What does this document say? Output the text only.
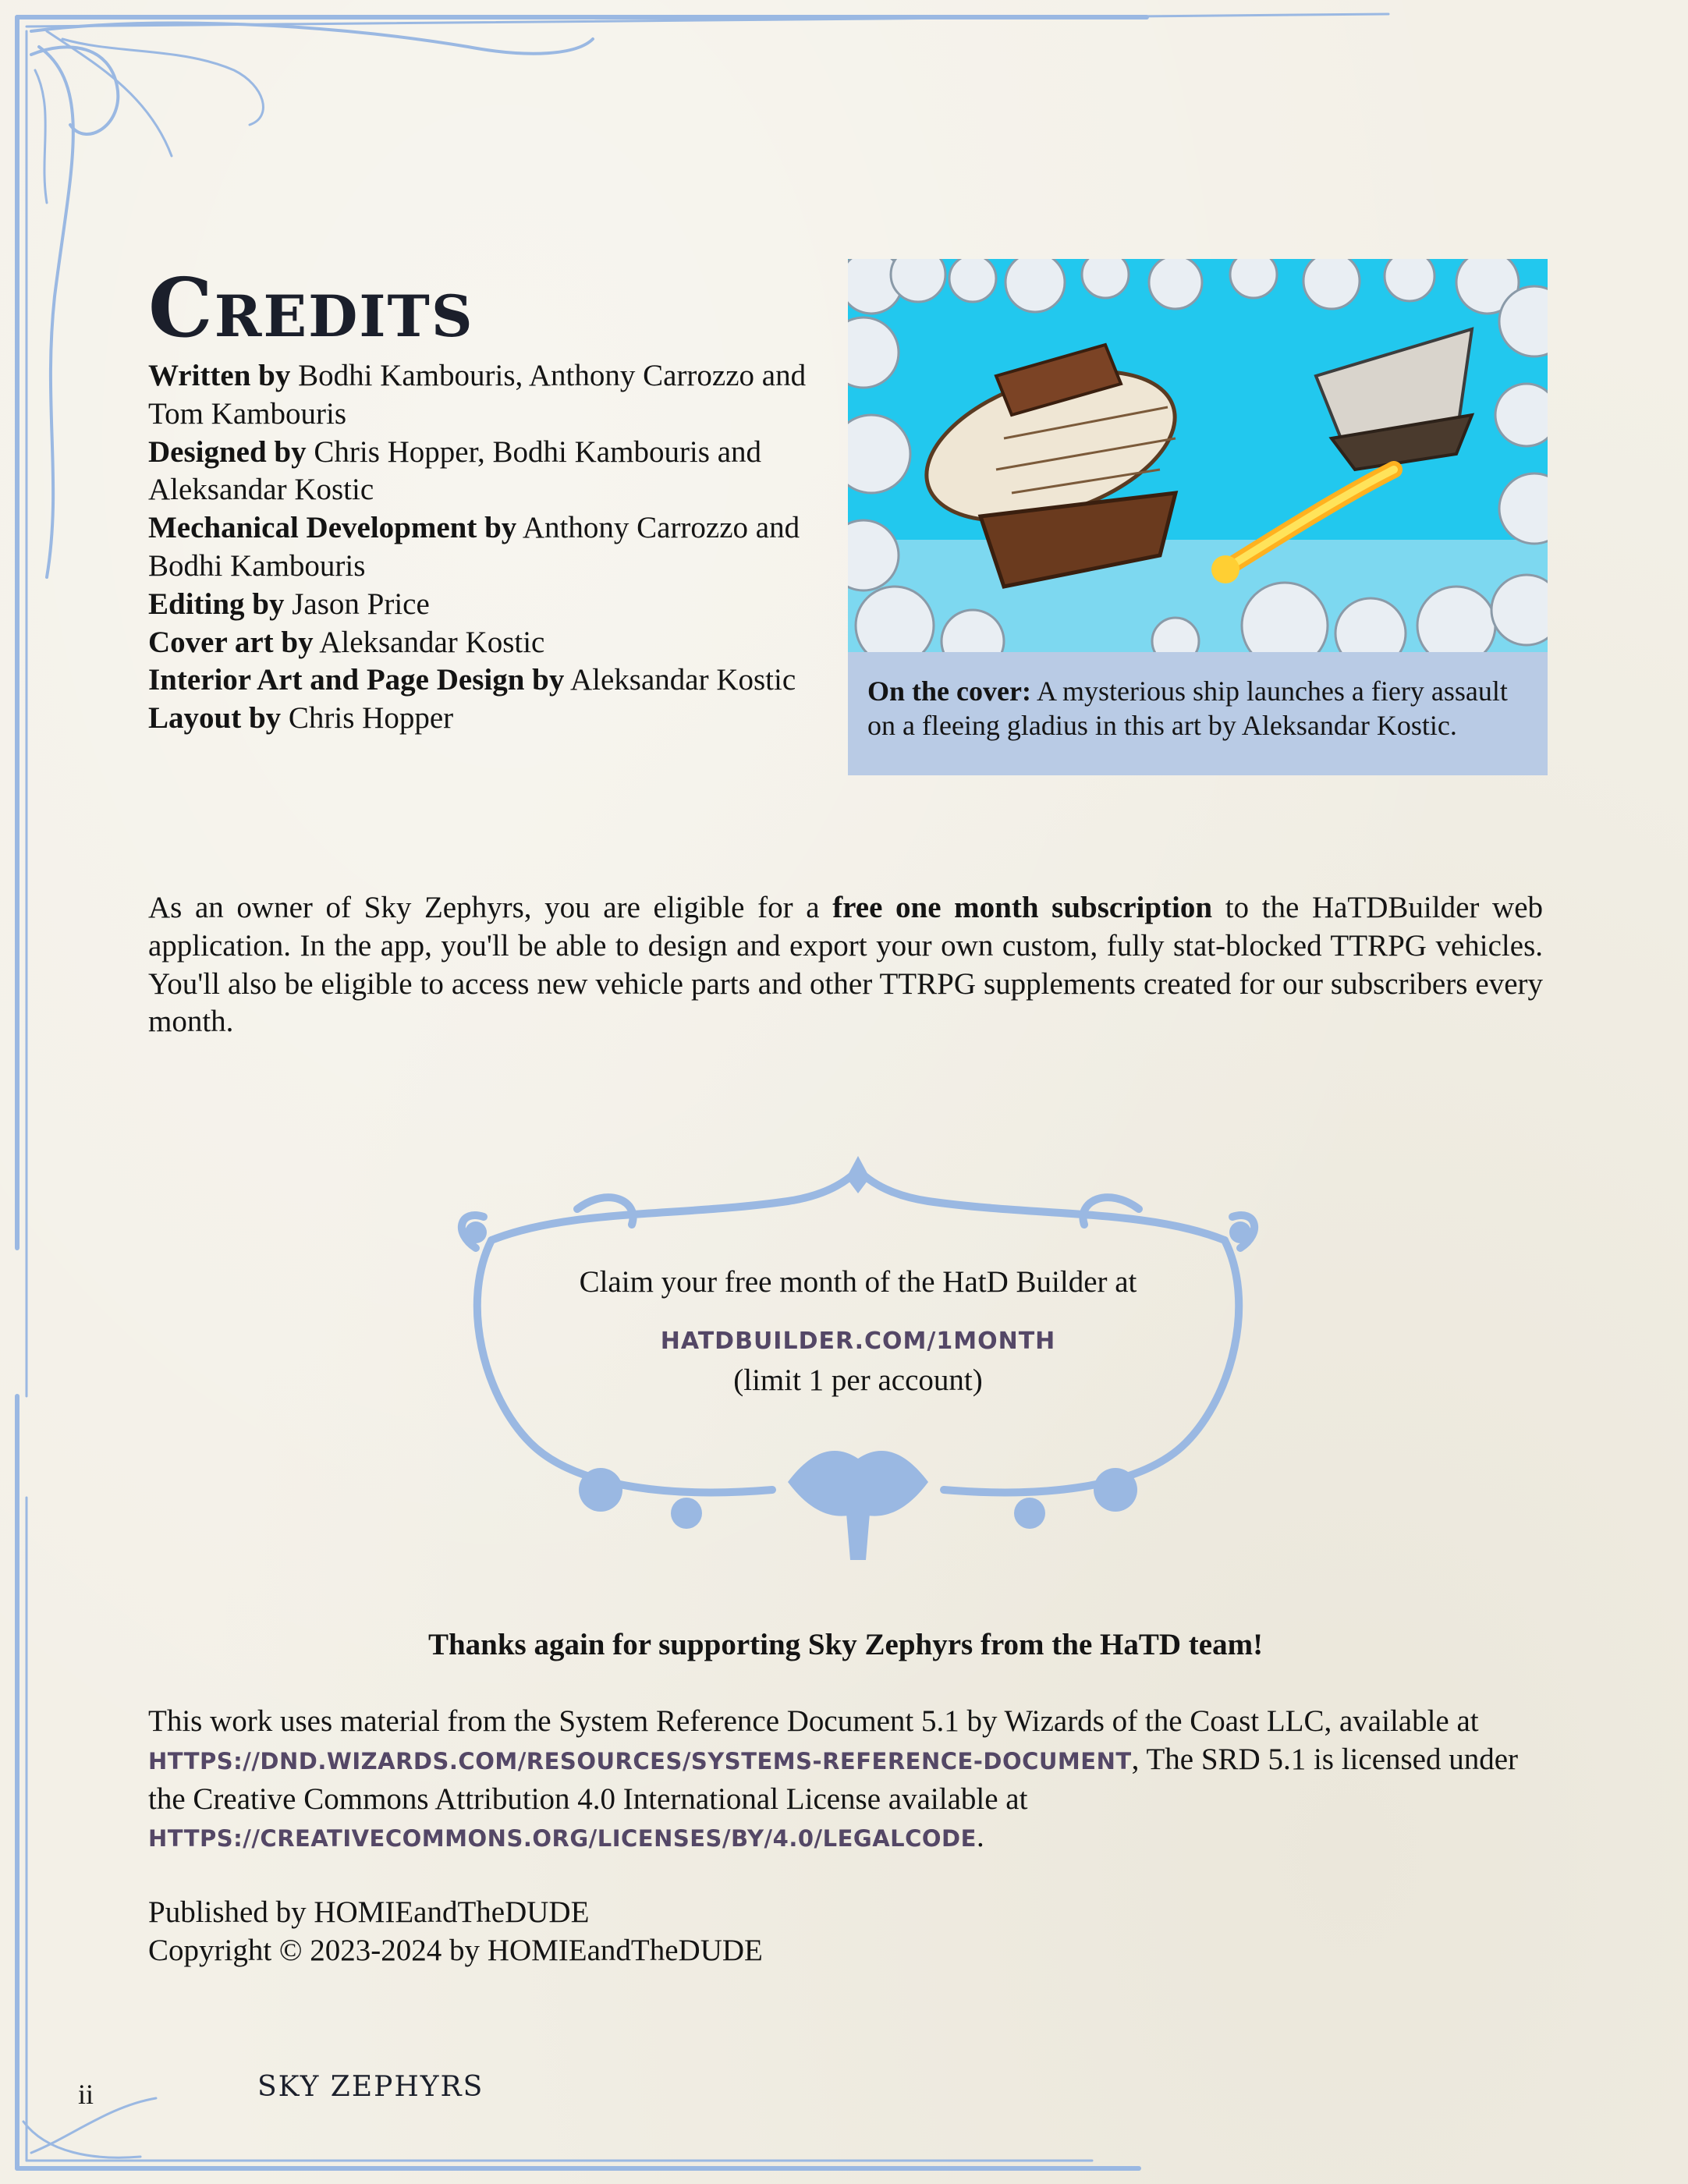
Credits
Written by Bodhi Kambouris, Anthony Carrozzo and Tom Kambouris
Designed by Chris Hopper, Bodhi Kambouris and Aleksandar Kostic
Mechanical Development by Anthony Carrozzo and Bodhi Kambouris
Editing by Jason Price
Cover art by Aleksandar Kostic
Interior Art and Page Design by Aleksandar Kostic
Layout by Chris Hopper
On the cover: A mysterious ship launches a fiery assault on a fleeing gladius in this art by Aleksandar Kostic.

As an owner of Sky Zephyrs, you are eligible for a free one month subscription to the HaTDBuilder web application. In the app, you'll be able to design and export your own custom, fully stat-blocked TTRPG vehicles. You'll also be eligible to access new vehicle parts and other TTRPG supplements created for our subscribers every month.

Claim your free month of the HatD Builder at
HATDBUILDER.COM/1MONTH
(limit 1 per account)

Thanks again for supporting Sky Zephyrs from the HaTD team!

This work uses material from the System Reference Document 5.1 by Wizards of the Coast LLC, available at HTTPS://DND.WIZARDS.COM/RESOURCES/SYSTEMS-REFERENCE-DOCUMENT, The SRD 5.1 is licensed under the Creative Commons Attribution 4.0 International License available at HTTPS://CREATIVECOMMONS.ORG/LICENSES/BY/4.0/LEGALCODE.

Published by HOMIEandTheDUDE
Copyright © 2023-2024 by HOMIEandTheDUDE

ii	SKY ZEPHYRS
